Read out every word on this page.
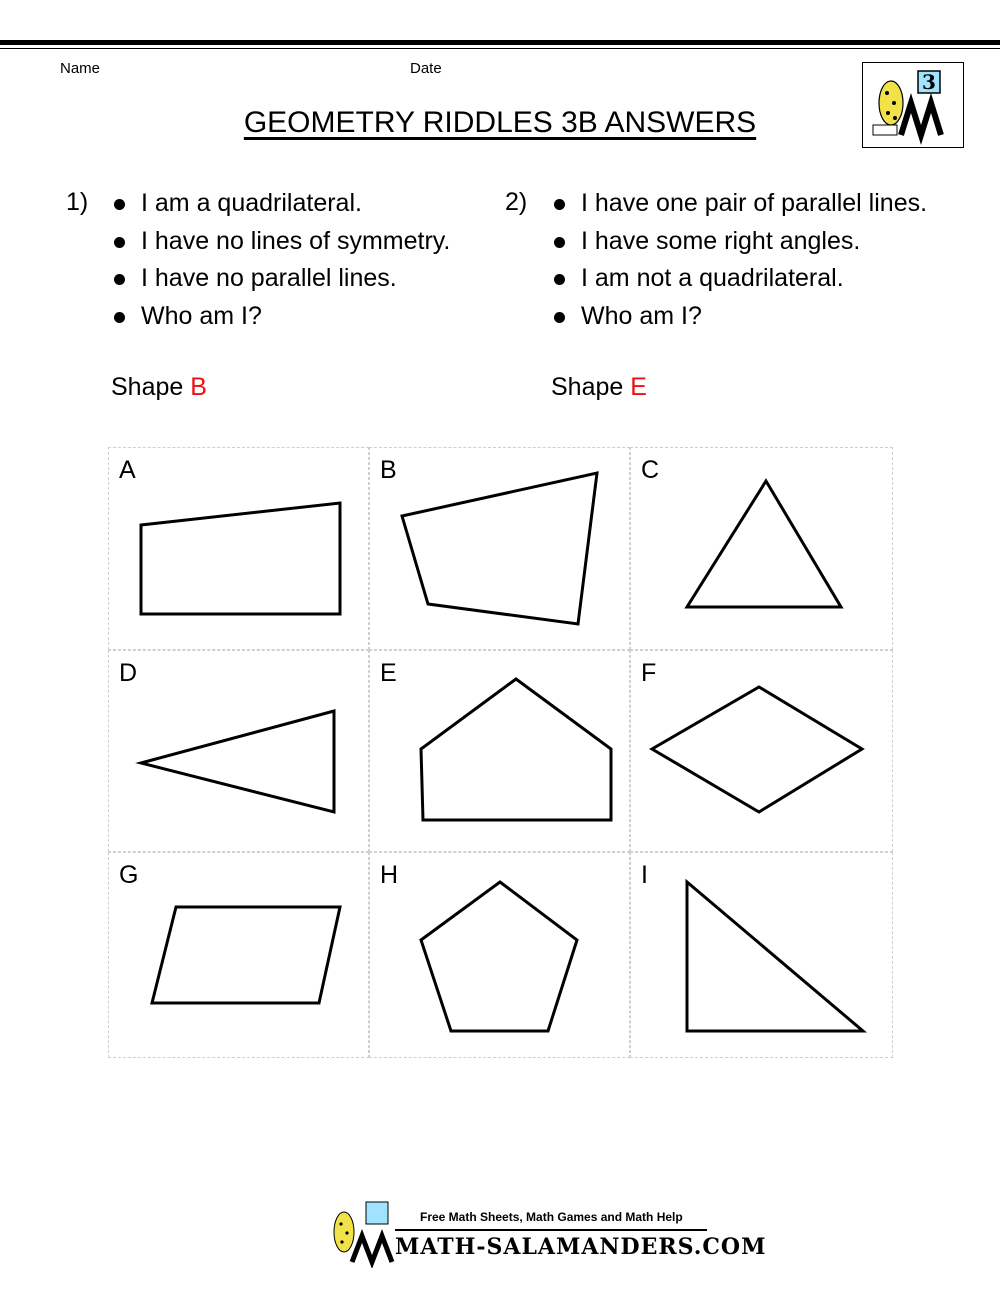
Name	Date
3
GEOMETRY RIDDLES 3B ANSWERS
1)	I am a quadrilateral.
I have no lines of symmetry.
I have no parallel lines.
Who am I?
Shape B
2)	I have one pair of parallel lines.
I have some right angles.
I am not a quadrilateral.
Who am I?
Shape E
A	B	C
D	E	F
G	H	I
Free Math Sheets, Math Games and Math Help
MATH-SALAMANDERS.COM
